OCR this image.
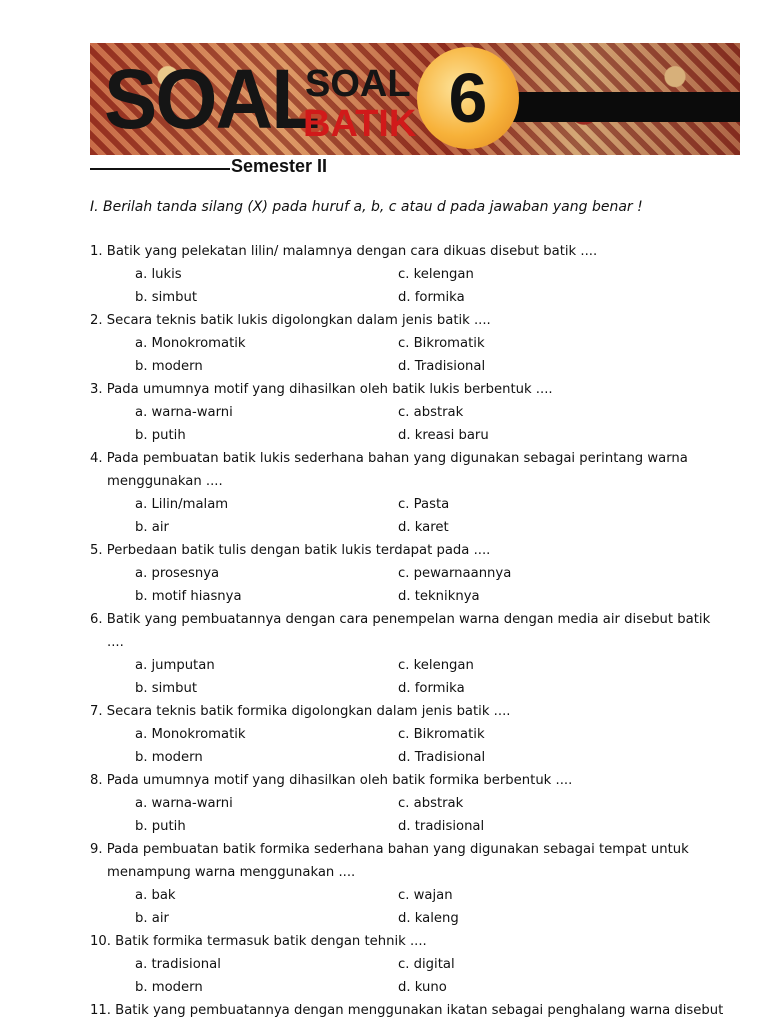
SOAL
SOAL
BATIK 6
Semester II
I. Berilah tanda silang (X) pada huruf a, b, c atau d pada jawaban yang benar !
1. Batik yang pelekatan lilin/ malamnya dengan cara dikuas disebut batik ....
a. lukis	c. kelengan
b. simbut	d. formika
2. Secara teknis batik lukis digolongkan dalam jenis batik ....
a. Monokromatik	c. Bikromatik
b. modern	d. Tradisional
3. Pada umumnya motif yang dihasilkan oleh batik lukis berbentuk ....
a. warna-warni	c. abstrak
b. putih	d. kreasi baru
4. Pada pembuatan batik lukis sederhana bahan yang digunakan sebagai perintang warna menggunakan ....
a. Lilin/malam	c. Pasta
b. air	d. karet
5. Perbedaan batik tulis dengan batik lukis terdapat pada ....
a. prosesnya	c. pewarnaannya
b. motif hiasnya	d. tekniknya
6. Batik yang pembuatannya dengan cara penempelan warna dengan media air disebut batik ....
a. jumputan	c. kelengan
b. simbut	d. formika
7. Secara teknis batik formika digolongkan dalam jenis batik ....
a. Monokromatik	c. Bikromatik
b. modern	d. Tradisional
8. Pada umumnya motif yang dihasilkan oleh batik formika berbentuk ....
a. warna-warni	c. abstrak
b. putih	d. tradisional
9. Pada pembuatan batik formika sederhana bahan yang digunakan sebagai tempat untuk menampung warna menggunakan ....
a. bak	c. wajan
b. air	d. kaleng
10. Batik formika termasuk batik dengan tehnik ....
a. tradisional	c. digital
b. modern	d. kuno
11. Batik yang pembuatannya dengan menggunakan ikatan sebagai penghalang warna disebut
